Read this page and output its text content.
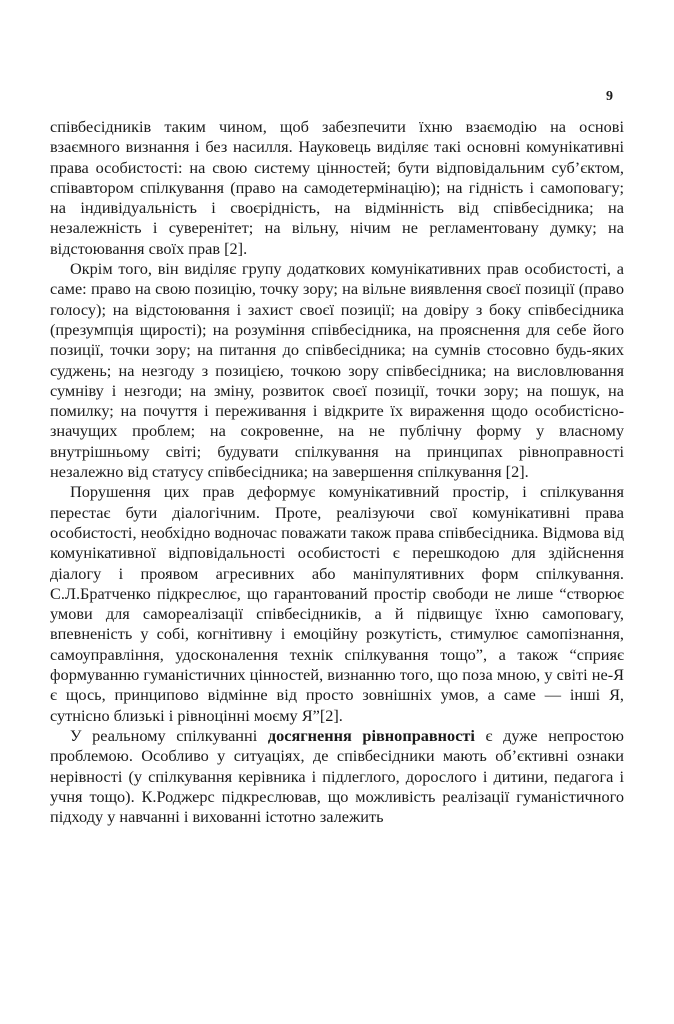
9

співбесідників таким чином, щоб забезпечити їхню взаємодію на основі взаємного визнання і без насилля. Науковець виділяє такі основні комунікативні права особистості: на свою систему цінностей; бути відповідальним суб’єктом, співавтором спілкування (право на самодетермінацію); на гідність і самоповагу; на індивідуальність і своєрідність, на відмінність від співбесідника; на незалежність і суверенітет; на вільну, нічим не регламентовану думку; на відстоювання своїх прав [2].

Окрім того, він виділяє групу додаткових комунікативних прав особистості, а саме: право на свою позицію, точку зору; на вільне виявлення своєї позиції (право голосу); на відстоювання і захист своєї позиції; на довіру з боку співбесідника (презумпція щирості); на розуміння співбесідника, на прояснення для себе його позиції, точки зору; на питання до співбесідника; на сумнів стосовно будь-яких суджень; на незгоду з позицією, точкою зору співбесідника; на висловлювання сумніву і незгоди; на зміну, розвиток своєї позиції, точки зору; на пошук, на помилку; на почуття і переживання і відкрите їх вираження щодо особистісно-значущих проблем; на сокровенне, на не публічну форму у власному внутрішньому світі; будувати спілкування на принципах рівноправності незалежно від статусу співбесідника; на завершення спілкування [2].

Порушення цих прав деформує комунікативний простір, і спілкування перестає бути діалогічним. Проте, реалізуючи свої комунікативні права особистості, необхідно водночас поважати також права співбесідника. Відмова від комунікативної відповідальності особистості є перешкодою для здійснення діалогу і проявом агресивних або маніпулятивних форм спілкування. С.Л.Братченко підкреслює, що гарантований простір свободи не лише “створює умови для самореалізації співбесідників, а й підвищує їхню самоповагу, впевненість у собі, когнітивну і емоційну розкутість, стимулює самопізнання, самоуправління, удосконалення технік спілкування тощо”, а також “сприяє формуванню гуманістичних цінностей, визнанню того, що поза мною, у світі не-Я є щось, принципово відмінне від просто зовнішніх умов, а саме — інші Я, сутнісно близькі і рівноцінні моєму Я”[2].

У реальному спілкуванні досягнення рівноправності є дуже непростою проблемою. Особливо у ситуаціях, де співбесідники мають об’єктивні ознаки нерівності (у спілкування керівника і підлеглого, дорослого і дитини, педагога і учня тощо). К.Роджерс підкреслював, що можливість реалізації гуманістичного підходу у навчанні і вихованні істотно залежить
